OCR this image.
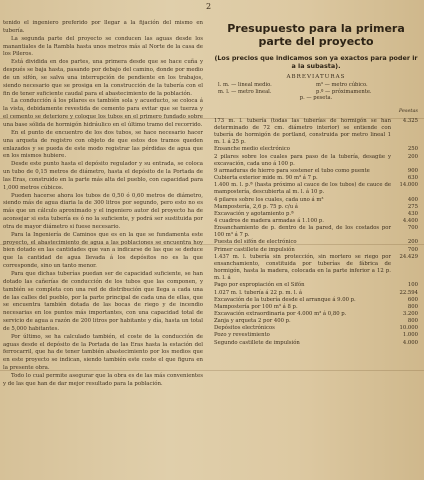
2

tenido el ingeniero preferido por llegar a la fijación del mismo en tubería.

La segunda parte del proyecto se conducen las aguas desde los manantiales de la Rambla hasta unos metros más al Norte de la casa de los Pileros.

Está dividida en dos partes, una primera desde que se hace cuña y después se baja hasta, pasando por debajo del camino, donde por medio de un sifón, se salva una interrupción de pendiente en los trabajos, siendo necesario que se prosiga en la construcción de la tubería con el fin de tener suficiente caudal para el abastecimiento de la población.

La conducción á los pilares es también sola y acueducto, se coloca á la vista, debidamente revestida de cemento para evitar que se tuerza y el cemento se deteriore y coloque los tubos en el primero fundado sobre una base sólida de hormigón hidráulico en el último tramo del recorrido.

En el punto de encuentro de los dos tubos, se hace necesario hacer una arqueta de registro con objeto de que estos dos tramos queden enlazados y se pueda de este modo registrar las pérdidas de agua que en los mismos hubiere.

Desde este punto hasta el depósito regulador y su entrada, se coloca un tubo de 0,15 metros de diámetro, hasta el depósito de la Portada de las Eras, construido en la parte más alta del pueblo, con capacidad para 1,000 metros cúbicos.

Pueden hacerse ahora los tubos de 0,50 ó 0,60 metros de diámetro, siendo más de agua diaria la de 300 litros por segundo, pero esto no es más que un cálculo aproximado y el ingeniero autor del proyecto ha de aconsejar si esta tubería es ó no la suficiente, y podrá ser sustituida por otra de mayor diámetro si fuese necesario.

Para la Ingeniería de Caminos que es en la que se fundamenta este proyecto, el abastecimiento de agua a las poblaciones se encuentra hoy bien dotado en las cantidades que van a indicarse de las que se deduce que la cantidad de agua llevada á los depósitos no es la que corresponde, sino un tanto menor.

Para que dichas tuberías puedan ser de capacidad suficiente, se han dotado las cañerías de conducción de los tubos que las componen, y también se completa con una red de distribución que llega a cada una de las calles del pueblo, por la parte principal de cada una de ellas, que se encuentra también dotada de las bocas de riego y de incendio necesarias en los puntos más importantes, con una capacidad total de servicio de agua a razón de 200 litros por habitante y día, hasta un total de 5,000 habitantes.

Por último, se ha calculado también, el coste de la conducción de aguas desde el depósito de la Portada de las Eras hasta la estación del ferrocarril, que ha de tener también abastecimiento por los medios que en este proyecto se indican, siendo también este coste el que figura en la presente obra.

Todo lo cual permite asegurar que la obra es de las más convenientes y de las que han de dar mejor resultado para la población.

Presupuesto para la primera parte del proyecto
(Los precios que indicamos son ya exactos para poder ir a la subasta).
ABREVIATURAS
l. m. — lineal medio.	m³ — metro cúbico.
m. l. — metro lineal.	p.º — próximamente.
p. — peseta.
Pesetas
173 m. l. tubería (todas las tuberías de hormigón se han determinado de 72 cm. diámetro interior) se entiende con tubería de hormigón de portland, construida por metro lineal 1 m. l. á 25 p.
4.325
Ensanche medio electrónico	250
2 pilares sobre los cuales para paso de la tubería, desagüe y excavación, cada uno á 100 p.
200
9 armaduras de hierro para sostener el tubo como puente	900
Cubierta exterior mide m. 90 m³ á 7 p.	630
1.400 m. l. p.ª (hasta próximo al cauce de los tubos) de cauce de mampostería, descubierta al m. l. á 10 p.
14.000
4 pilares sobre los cuales, cada uno á m³	400
Mampostería, 2,6 p. 75 p. c/u á	275
Excavación y agotamiento p.ª	430
4 cuadros de madera armadas á 1.100 p.	4.400
Ensanchamiento de p. dentro de la pared, de los costados por 100 m³ á 7 p.
700
Puesta del sifón de electrónico	200
Primer castillete de impulsión	700
1.437 m. l. tubería sin protección, sin mortero se riego por ensanchamiento, constituida por tuberías de fábrica de hormigón, hasta la madera, colocada en la parte inferior a 12 p. m. l. á
24.429
Pago por expropiación en el Sifón	100
1.027 m. l. tubería á 22 p. m. l. á	22.594
Excavación de la tubería desde el arranque á 9.00 p.	600
Mampostería por 100 m³ á 8 p.	800
Excavación extraordinaria por 4.000 m³ á 0,80 p.	3.200
Zanja y arqueta 2 por 400 p.	800
Depósitos electrónicos	10.000
Pozo y revestimiento	1.000
Segundo castillete de impulsión	4.000
